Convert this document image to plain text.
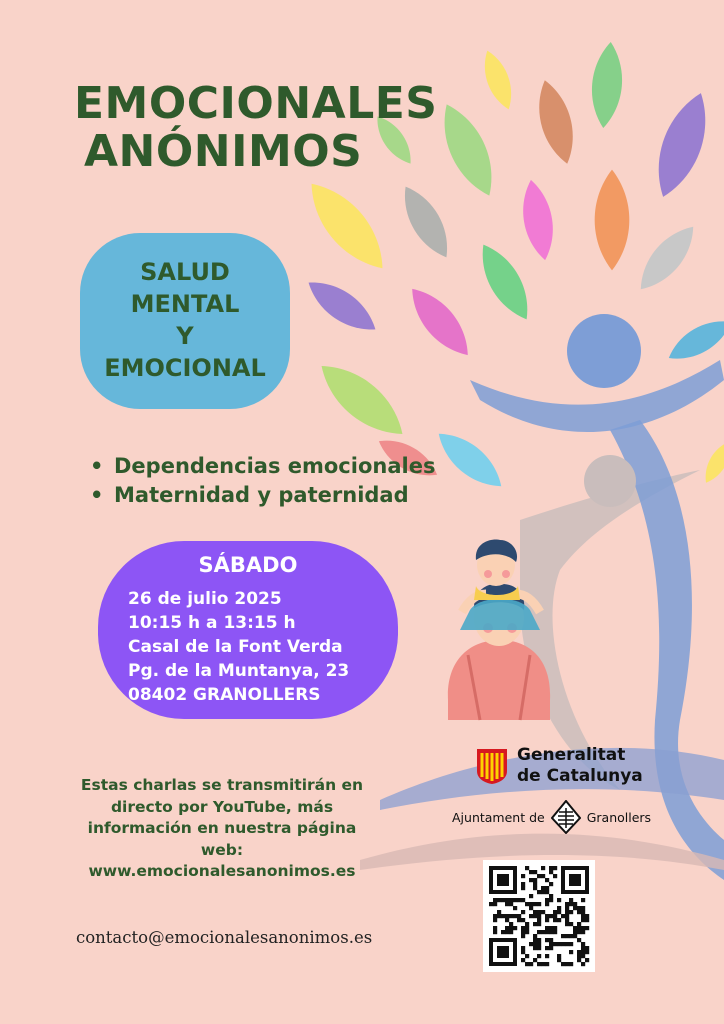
EMOCIONALES
ANÓNIMOS
SALUD
MENTAL
Y
EMOCIONAL
• Dependencias emocionales
• Maternidad y paternidad
SÁBADO
26 de julio 2025
10:15 h a 13:15 h
Casal de la Font Verda
Pg. de la Muntanya, 23
08402 GRANOLLERS
Estas charlas se transmitirán en
directo por YouTube, más
información en nuestra página
web:
www.emocionalesanonimos.es
contacto@emocionalesanonimos.es
Generalitat
de Catalunya
Ajuntament de	Granollers
